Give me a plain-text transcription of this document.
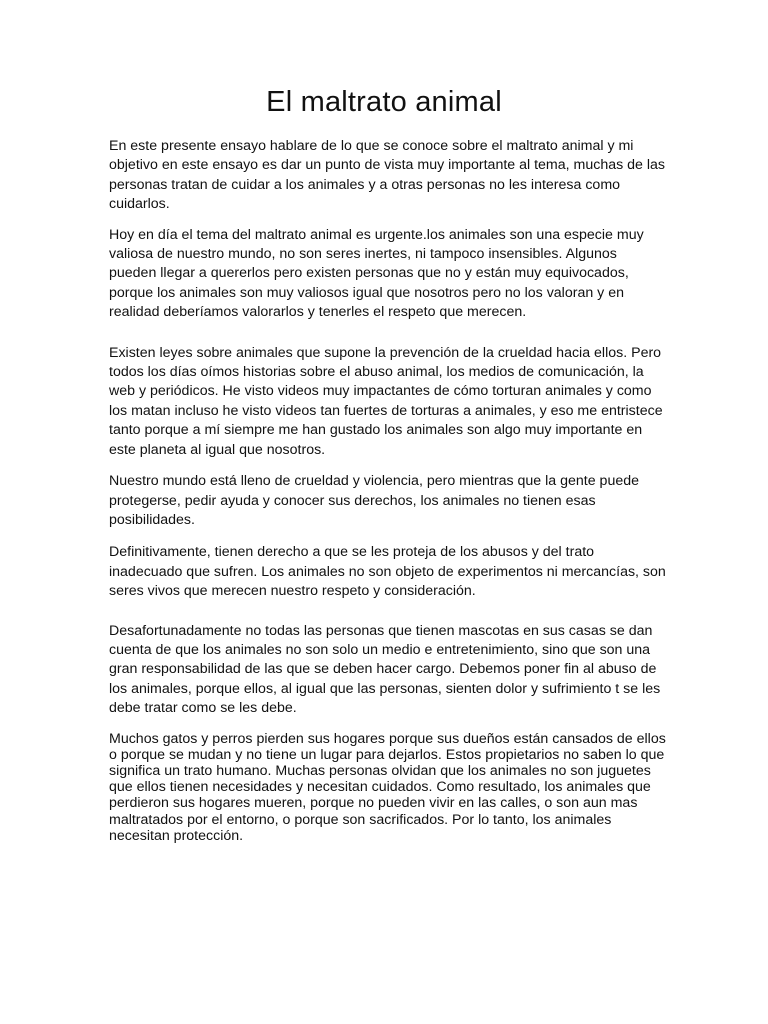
El maltrato animal

En este presente ensayo hablare de lo que se conoce sobre el maltrato animal y mi objetivo en este ensayo es dar un punto de vista muy importante al tema, muchas de las personas tratan de cuidar a los animales y a otras personas no les interesa como cuidarlos.

Hoy en día el tema del maltrato animal es urgente.los animales son una especie muy valiosa de nuestro mundo, no son seres inertes, ni tampoco insensibles. Algunos pueden llegar a quererlos pero existen personas que no y están muy equivocados, porque los animales son muy valiosos igual que nosotros pero no los valoran y en realidad deberíamos valorarlos y tenerles el respeto que merecen.

Existen leyes sobre animales que supone la prevención de la crueldad hacia ellos. Pero todos los días oímos historias sobre el abuso animal, los medios de comunicación, la web y periódicos. He visto videos muy impactantes de cómo torturan animales y como los matan incluso he visto videos tan fuertes de torturas a animales, y eso me entristece tanto porque a mí siempre me han gustado los animales son algo muy importante en este planeta al igual que nosotros.

Nuestro mundo está lleno de crueldad y violencia, pero mientras que la gente puede protegerse, pedir ayuda y conocer sus derechos, los animales no tienen esas posibilidades.

Definitivamente, tienen derecho a que se les proteja de los abusos y del trato inadecuado que sufren. Los animales no son objeto de experimentos ni mercancías, son seres vivos que merecen nuestro respeto y consideración.

Desafortunadamente no todas las personas que tienen mascotas en sus casas se dan cuenta de que los animales no son solo un medio e entretenimiento, sino que son una gran responsabilidad de las que se deben hacer cargo. Debemos poner fin al abuso de los animales, porque ellos, al igual que las personas, sienten dolor y sufrimiento t se les debe tratar como se les debe.

Muchos gatos y perros pierden sus hogares porque sus dueños están cansados de ellos o porque se mudan y no tiene un lugar para dejarlos. Estos propietarios no saben lo que significa un trato humano. Muchas personas olvidan que los animales no son juguetes que ellos tienen necesidades y necesitan cuidados. Como resultado, los animales que perdieron sus hogares mueren, porque no pueden vivir en las calles, o son aun mas maltratados por el entorno, o porque son sacrificados. Por lo tanto, los animales necesitan protección.
